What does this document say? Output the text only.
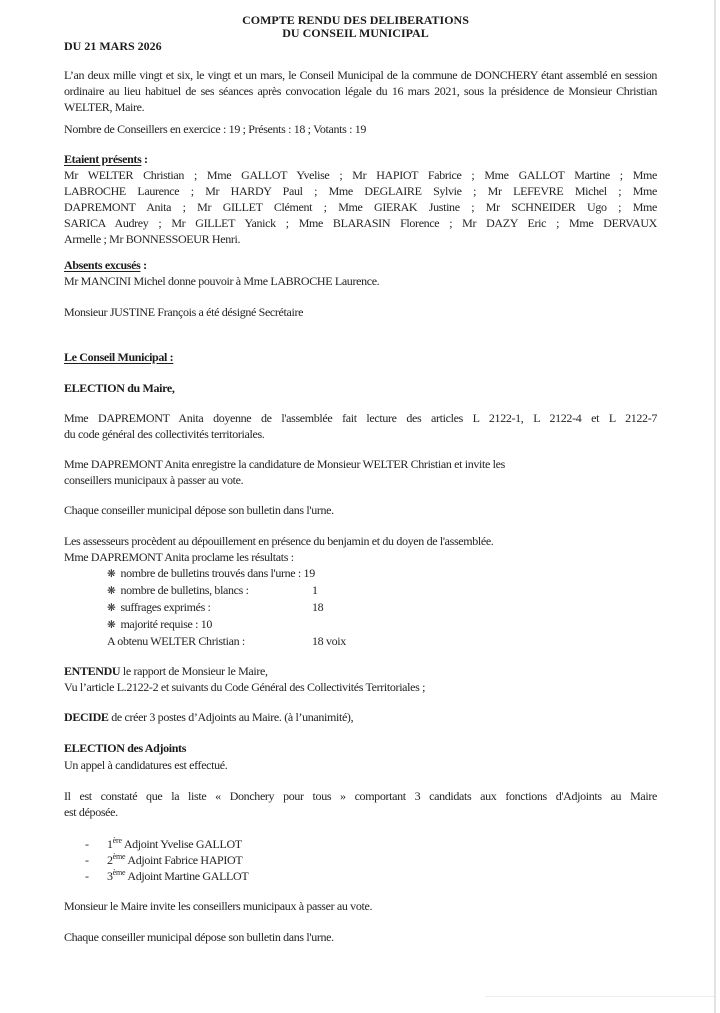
COMPTE RENDU DES DELIBERATIONS
DU CONSEIL MUNICIPAL
DU 21 MARS 2026
L’an deux mille vingt et six, le vingt et un mars, le Conseil Municipal de la commune de DONCHERY étant assemblé en session
ordinaire au lieu habituel de ses séances après convocation légale du 16 mars 2021, sous la présidence de Monsieur Christian
WELTER, Maire.
Nombre de Conseillers en exercice : 19 ; Présents : 18 ; Votants : 19
Etaient présents :
Mr WELTER Christian ; Mme GALLOT Yvelise ; Mr HAPIOT Fabrice ; Mme GALLOT Martine ; Mme
LABROCHE Laurence ; Mr HARDY Paul ; Mme DEGLAIRE Sylvie ; Mr LEFEVRE Michel ; Mme
DAPREMONT Anita ; Mr GILLET Clément ; Mme GIERAK Justine ; Mr SCHNEIDER Ugo ; Mme
SARICA Audrey ; Mr GILLET Yanick ; Mme BLARASIN Florence ; Mr DAZY Eric ; Mme DERVAUX
Armelle ; Mr BONNESSOEUR Henri.
Absents excusés :
Mr MANCINI Michel donne pouvoir à Mme LABROCHE Laurence.
Monsieur JUSTINE François a été désigné Secrétaire
Le Conseil Municipal :
ELECTION du Maire,
Mme DAPREMONT Anita doyenne de l'assemblée fait lecture des articles L 2122-1, L 2122-4 et L 2122-7
du code général des collectivités territoriales.
Mme DAPREMONT Anita enregistre la candidature de Monsieur WELTER Christian et invite les
conseillers municipaux à passer au vote.
Chaque conseiller municipal dépose son bulletin dans l'urne.
Les assesseurs procèdent au dépouillement en présence du benjamin et du doyen de l'assemblée.
Mme DAPREMONT Anita proclame les résultats :
❋ nombre de bulletins trouvés dans l'urne : 19
❋ nombre de bulletins, blancs :	1
❋ suffrages exprimés :	18
❋ majorité requise : 10
A obtenu WELTER Christian :	18 voix
ENTENDU le rapport de Monsieur le Maire,
Vu l’article L.2122-2 et suivants du Code Général des Collectivités Territoriales ;
DECIDE de créer 3 postes d’Adjoints au Maire. (à l’unanimité),
ELECTION des Adjoints
Un appel à candidatures est effectué.
Il est constaté que la liste « Donchery pour tous » comportant 3 candidats aux fonctions d'Adjoints au Maire
est déposée.
- 1ère Adjoint Yvelise GALLOT
- 2ème Adjoint Fabrice HAPIOT
- 3ème Adjoint Martine GALLOT
Monsieur le Maire invite les conseillers municipaux à passer au vote.
Chaque conseiller municipal dépose son bulletin dans l'urne.
